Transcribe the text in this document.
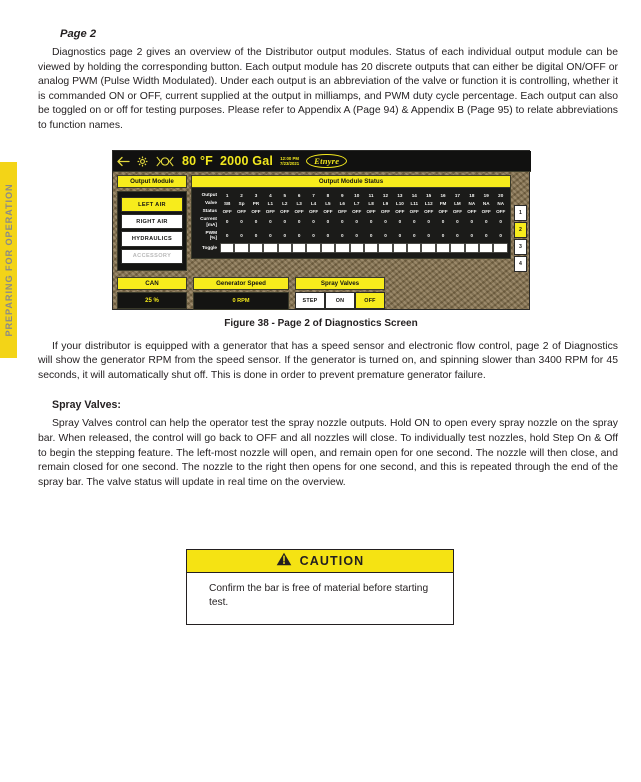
PREPARING FOR OPERATION
Page 2

Diagnostics page 2 gives an overview of the Distributor output modules. Status of each individual output module can be viewed by holding the corresponding button. Each output module has 20 discrete outputs that can either be digital ON/OFF or analog PWM (Pulse Width Modulated). Under each output is an abbreviation of the valve or function it is controlling, whether it is commanded ON or OFF, current supplied at the output in milliamps, and PWM duty cycle percentage. Each output can also be toggled on or off for testing purposes. Please refer to Appendix A (Page 94) & Appendix B (Page 95) to relate abbreviations to function names.

If your distributor is equipped with a generator that has a speed sensor and electronic flow control, page 2 of Diagnostics will show the generator RPM from the speed sensor. If the generator is turned on, and spinning slower than 3400 RPM for 45 seconds, it will automatically shut off. This is done in order to prevent premature generator failure.

Spray Valves:

Spray Valves control can help the operator test the spray nozzle outputs. Hold ON to open every spray nozzle on the spray bar. When released, the control will go back to OFF and all nozzles will close. To individually test nozzles, hold Step On & Off to begin the stepping feature. The left-most nozzle will open, and remain open for one second. The nozzle will then close, and remain closed for one second. The nozzle to the right then opens for one second, and this is repeated through the end of the spray bar. The valve status will update in real time on the overview.

80 °F 2000 Gal 12:00 PM
7/23/2021	Etnyre
Output Module
LEFT AIR
RIGHT AIR
HYDRAULICS
ACCESSORY
CAN
25 %
Output Module Status
Output	1	2	3	4	5	6	7	8	9	10	11	12	13	14	15	16	17	18	19	20
Valve	SB	Sp	PR	L1	L2	L3	L4	L5	L6	L7	L8	L9	L10	L11	L12	FM	LM	NA	NA	NA
Status	OFF	OFF	OFF	OFF	OFF	OFF	OFF	OFF	OFF	OFF	OFF	OFF	OFF	OFF	OFF	OFF	OFF	OFF	OFF	OFF
Current
[mA]	0	0	0	0	0	0	0	0	0	0	0	0	0	0	0	0	0	0	0	0
PWM
[%]	0	0	0	0	0	0	0	0	0	0	0	0	0	0	0	0	0	0	0	0
Toggle	

Generator Speed
0 RPM
Spray Valves
STEP	ON	OFF
1
2
3
4
Figure 38 - Page 2 of Diagnostics Screen
CAUTION
Confirm the bar is free of material before starting test.
